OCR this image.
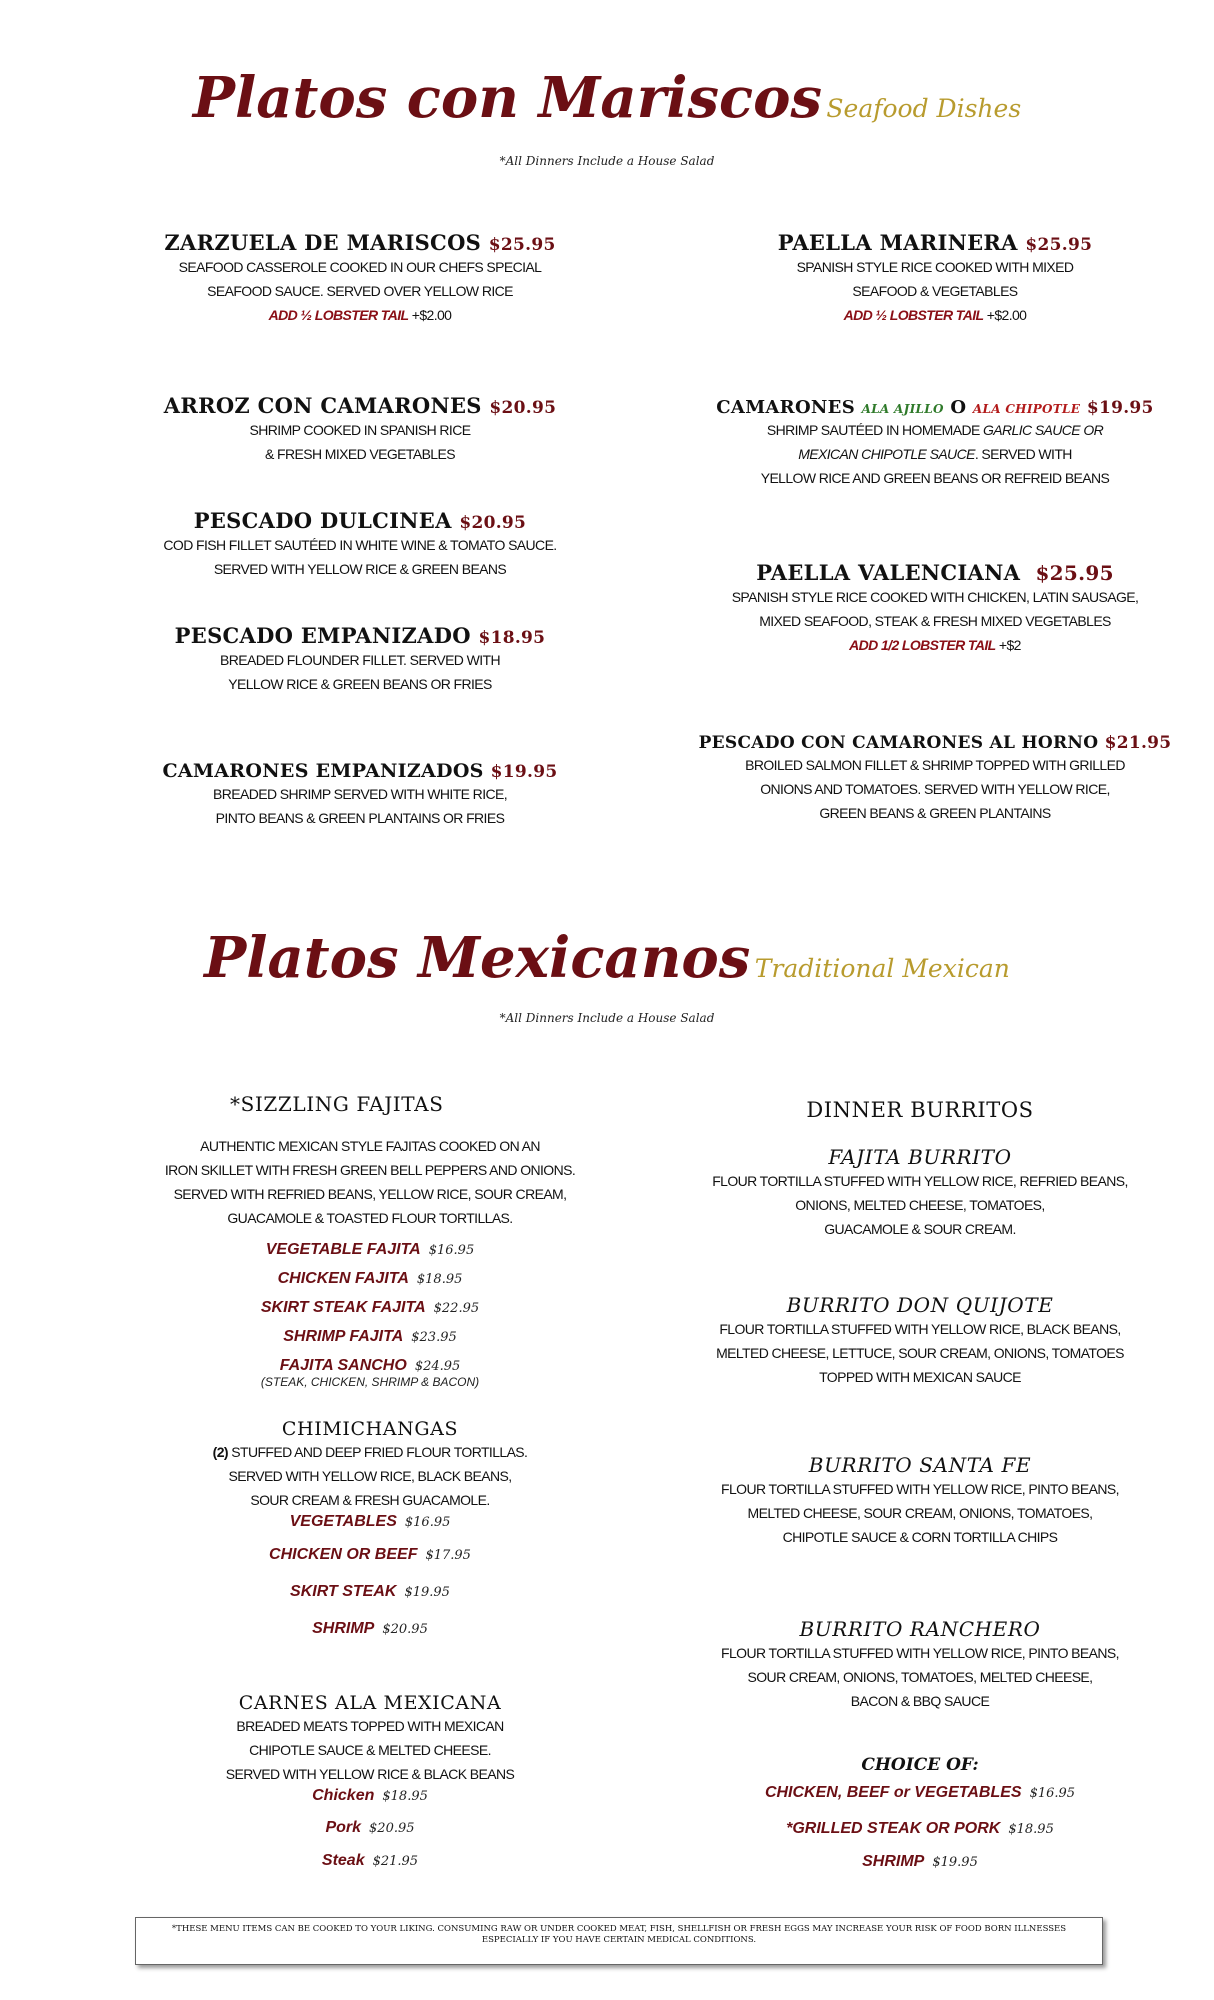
Platos con Mariscos Seafood Dishes
*All Dinners Include a House Salad
ZARZUELA DE MARISCOS $25.95
SEAFOOD CASSEROLE COOKED IN OUR CHEFS SPECIAL
SEAFOOD SAUCE. SERVED OVER YELLOW RICE
ADD ½ LOBSTER TAIL +$2.00
ARROZ CON CAMARONES $20.95
SHRIMP COOKED IN SPANISH RICE
& FRESH MIXED VEGETABLES
PESCADO DULCINEA $20.95
COD FISH FILLET SAUTÉED IN WHITE WINE & TOMATO SAUCE.
SERVED WITH YELLOW RICE & GREEN BEANS
PESCADO EMPANIZADO $18.95
BREADED FLOUNDER FILLET. SERVED WITH
YELLOW RICE & GREEN BEANS OR FRIES
CAMARONES EMPANIZADOS $19.95
BREADED SHRIMP SERVED WITH WHITE RICE,
PINTO BEANS & GREEN PLANTAINS OR FRIES
PAELLA MARINERA $25.95
SPANISH STYLE RICE COOKED WITH MIXED
SEAFOOD & VEGETABLES
ADD ½ LOBSTER TAIL +$2.00
CAMARONES ALA AJILLO O ALA CHIPOTLE $19.95
SHRIMP SAUTÉED IN HOMEMADE GARLIC SAUCE OR
MEXICAN CHIPOTLE SAUCE. SERVED WITH
YELLOW RICE AND GREEN BEANS OR REFREID BEANS
PAELLA VALENCIANA $25.95
SPANISH STYLE RICE COOKED WITH CHICKEN, LATIN SAUSAGE,
MIXED SEAFOOD, STEAK & FRESH MIXED VEGETABLES
ADD 1/2 LOBSTER TAIL +$2
PESCADO CON CAMARONES AL HORNO $21.95
BROILED SALMON FILLET & SHRIMP TOPPED WITH GRILLED
ONIONS AND TOMATOES. SERVED WITH YELLOW RICE,
GREEN BEANS & GREEN PLANTAINS
Platos Mexicanos Traditional Mexican
*All Dinners Include a House Salad
*SIZZLING FAJITAS
AUTHENTIC MEXICAN STYLE FAJITAS COOKED ON AN
IRON SKILLET WITH FRESH GREEN BELL PEPPERS AND ONIONS.
SERVED WITH REFRIED BEANS, YELLOW RICE, SOUR CREAM,
GUACAMOLE & TOASTED FLOUR TORTILLAS.
VEGETABLE FAJITA $16.95
CHICKEN FAJITA $18.95
SKIRT STEAK FAJITA $22.95
SHRIMP FAJITA $23.95
FAJITA SANCHO $24.95
(STEAK, CHICKEN, SHRIMP & BACON)
CHIMICHANGAS
(2) STUFFED AND DEEP FRIED FLOUR TORTILLAS.
SERVED WITH YELLOW RICE, BLACK BEANS,
SOUR CREAM & FRESH GUACAMOLE.
VEGETABLES $16.95
CHICKEN OR BEEF $17.95
SKIRT STEAK $19.95
SHRIMP $20.95
CARNES ALA MEXICANA
BREADED MEATS TOPPED WITH MEXICAN
CHIPOTLE SAUCE & MELTED CHEESE.
SERVED WITH YELLOW RICE & BLACK BEANS
Chicken $18.95
Pork $20.95
Steak $21.95
DINNER BURRITOS
FAJITA BURRITO
FLOUR TORTILLA STUFFED WITH YELLOW RICE, REFRIED BEANS,
ONIONS, MELTED CHEESE, TOMATOES,
GUACAMOLE & SOUR CREAM.
BURRITO DON QUIJOTE
FLOUR TORTILLA STUFFED WITH YELLOW RICE, BLACK BEANS,
MELTED CHEESE, LETTUCE, SOUR CREAM, ONIONS, TOMATOES
TOPPED WITH MEXICAN SAUCE
BURRITO SANTA FE
FLOUR TORTILLA STUFFED WITH YELLOW RICE, PINTO BEANS,
MELTED CHEESE, SOUR CREAM, ONIONS, TOMATOES,
CHIPOTLE SAUCE & CORN TORTILLA CHIPS
BURRITO RANCHERO
FLOUR TORTILLA STUFFED WITH YELLOW RICE, PINTO BEANS,
SOUR CREAM, ONIONS, TOMATOES, MELTED CHEESE,
BACON & BBQ SAUCE
CHOICE OF:
CHICKEN, BEEF or VEGETABLES $16.95
*GRILLED STEAK OR PORK $18.95
SHRIMP $19.95
*THESE MENU ITEMS CAN BE COOKED TO YOUR LIKING. CONSUMING RAW OR UNDER COOKED MEAT, FISH, SHELLFISH OR FRESH EGGS MAY INCREASE YOUR RISK OF FOOD BORN ILLNESSES
ESPECIALLY IF YOU HAVE CERTAIN MEDICAL CONDITIONS.
